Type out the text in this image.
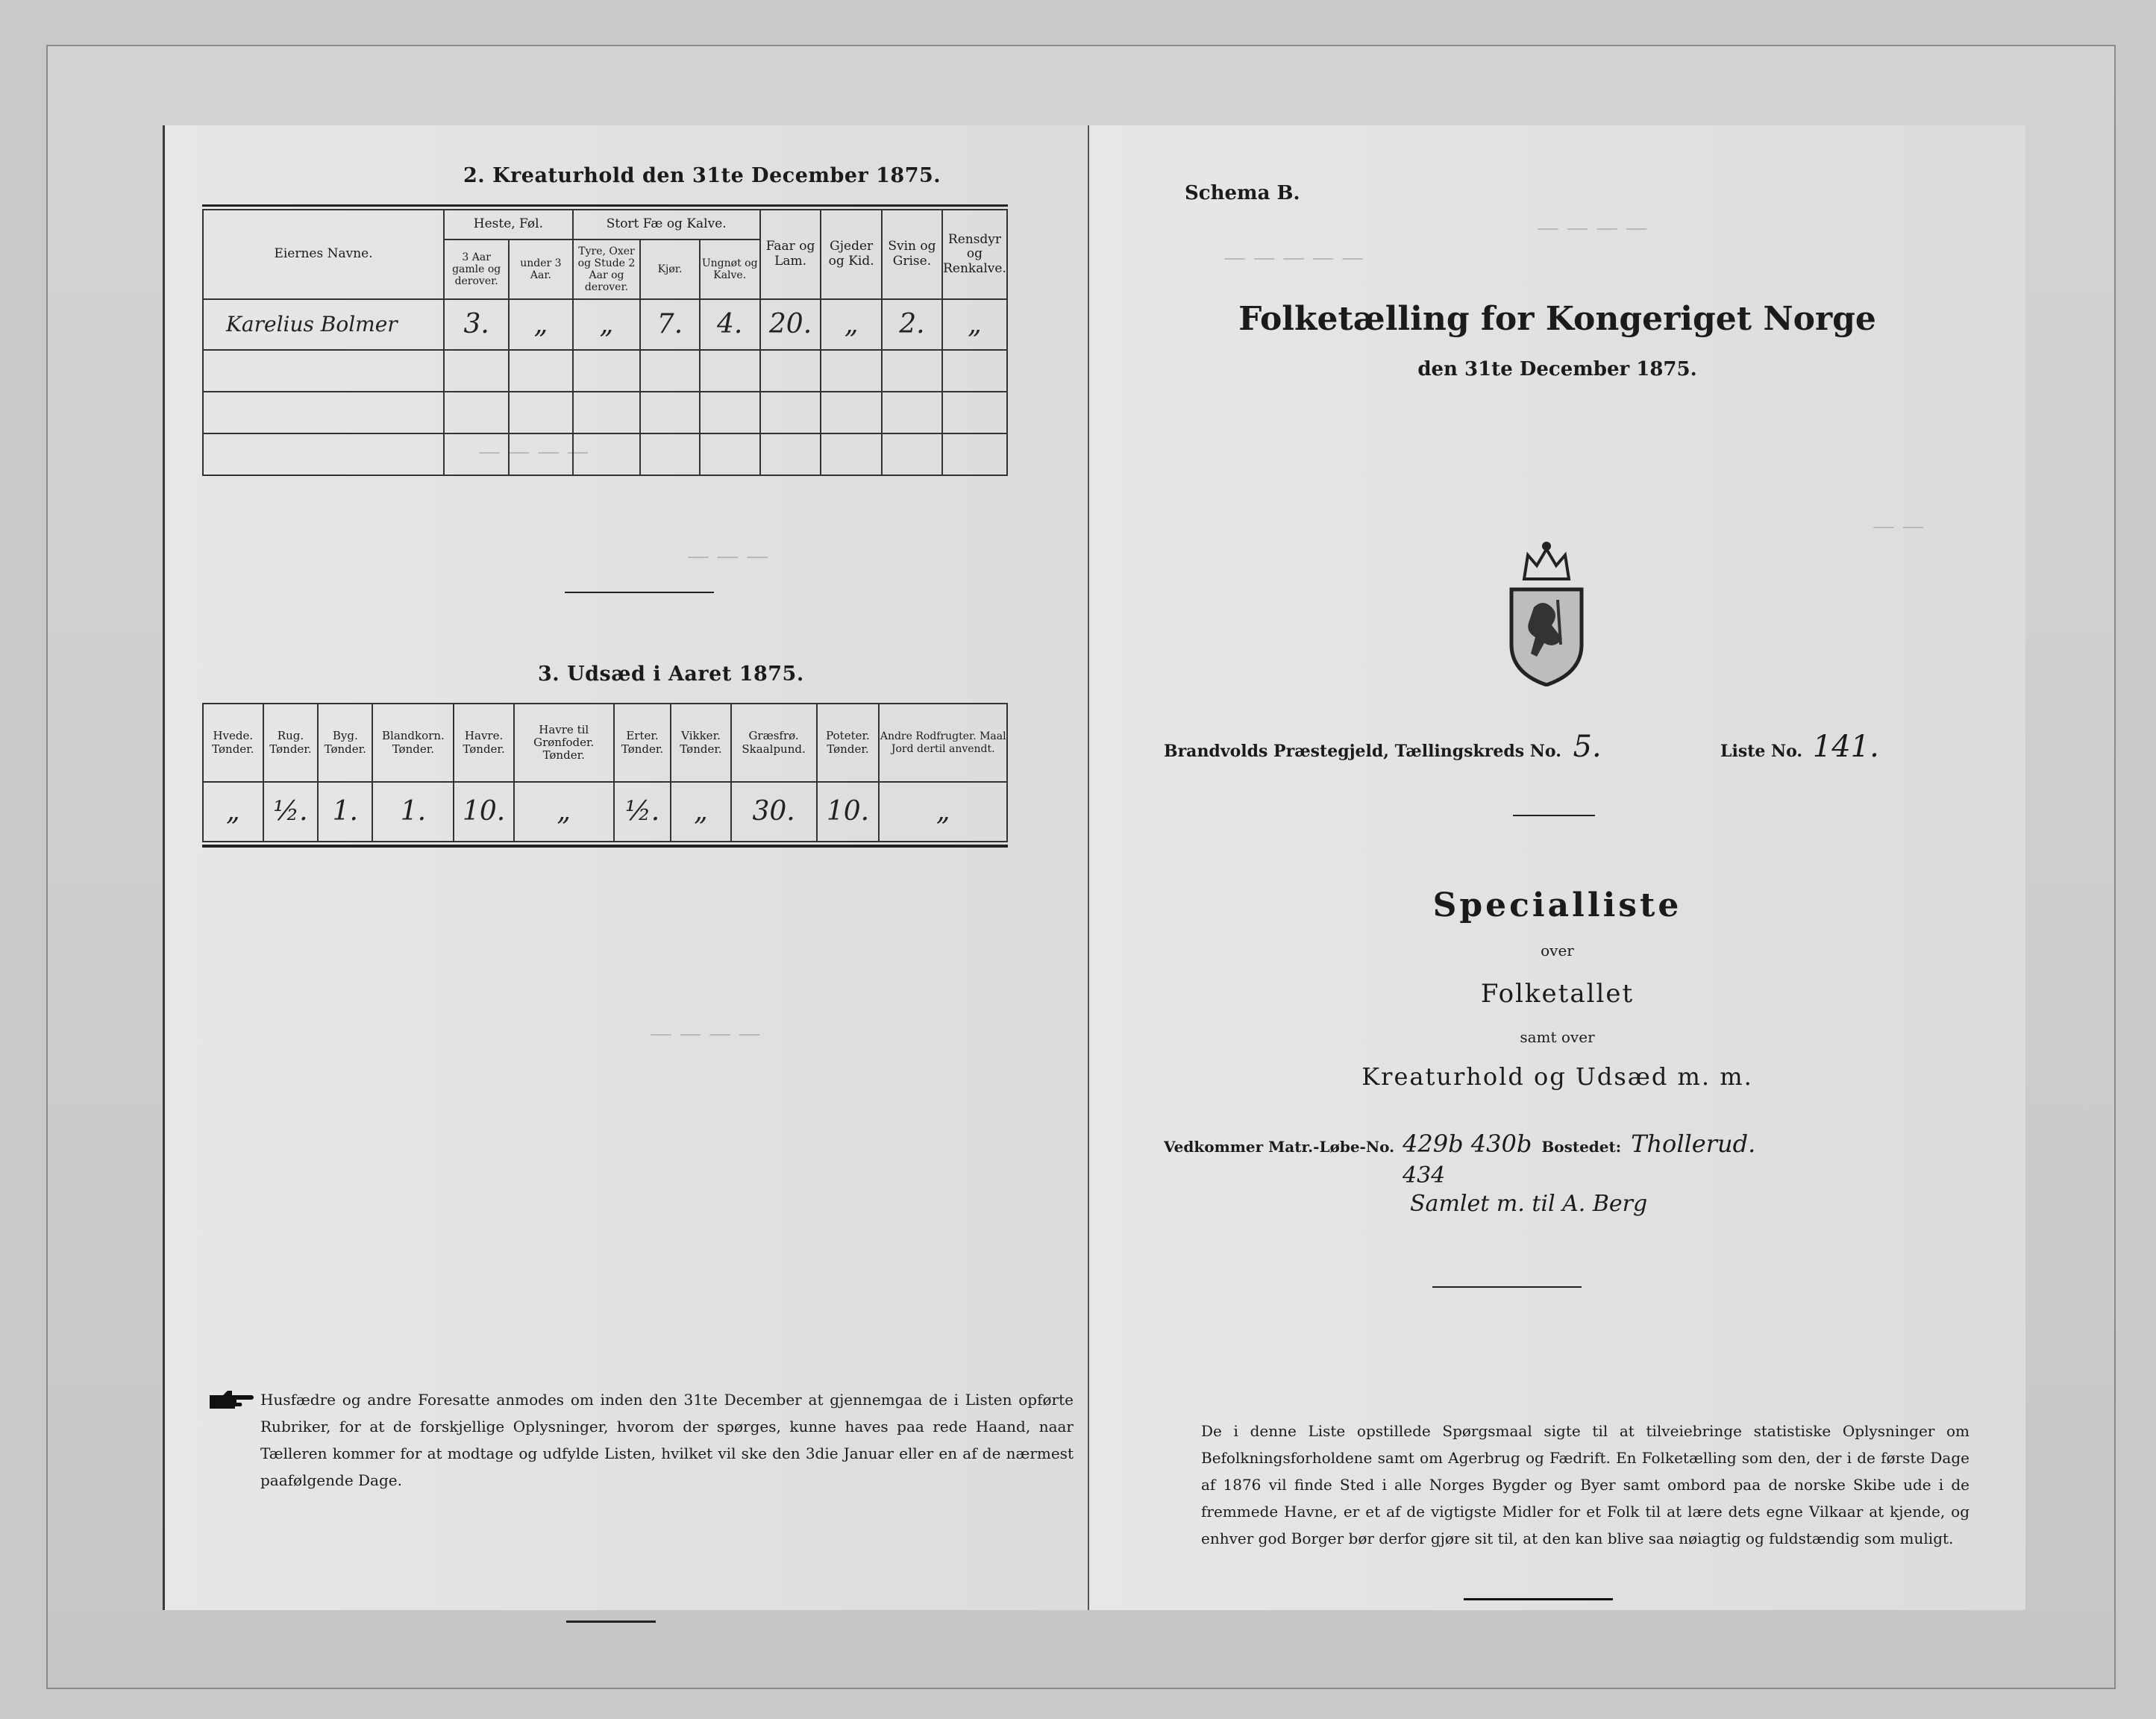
— — — —
— — —
— — — —
2. Kreaturhold den 31te December 1875.
Eiernes Navne.	Heste, Føl.		Stort Fæ og Kalve.			Faar og Lam.	Gjeder og Kid.	Svin og Grise.	Rensdyr og Renkalve.
	3 Aar gamle og derover.	under 3 Aar.	Tyre, Oxer og Stude 2 Aar og derover.	Kjør.	Ungnøt og Kalve.				
Karelius Bolmer	3.	„	„	7.	4.	20.	„	2.	„

3. Udsæd i Aaret 1875.
Hvede. Tønder.	Rug. Tønder.	Byg. Tønder.	Blandkorn. Tønder.	Havre. Tønder.	Havre til Grønfoder. Tønder.	Erter. Tønder.	Vikker. Tønder.	Græsfrø. Skaalpund.	Poteter. Tønder.	Andre Rodfrugter. Maal Jord dertil anvendt.
„	½.	1.	1.	10.	„	½.	„	30.	10.	„
Husfædre og andre Foresatte anmodes om inden den 31te December at gjennemgaa de i Listen opførte Rubriker, for at de forskjellige Oplysninger, hvorom der spørges, kunne haves paa rede Haand, naar Tælleren kommer for at modtage og udfylde Listen, hvilket vil ske den 3die Januar eller en af de nærmest paafølgende Dage.
— — — — —
— — — —
— —
Schema B.
Folketælling for Kongeriget Norge
den 31te December 1875.
Brandvolds Præstegjeld, Tællingskreds No. 5.	Liste No. 141.
Specialliste
over
Folketallet
samt over
Kreaturhold og Udsæd m. m.
Vedkommer Matr.-Løbe-No. 429b 430b Bostedet: Thollerud.
434
Samlet m. til A. Berg
De i denne Liste opstillede Spørgsmaal sigte til at tilveiebringe statistiske Oplysninger om Befolkningsforholdene samt om Agerbrug og Fædrift. En Folketælling som den, der i de første Dage af 1876 vil finde Sted i alle Norges Bygder og Byer samt ombord paa de norske Skibe ude i de fremmede Havne, er et af de vigtigste Midler for et Folk til at lære dets egne Vilkaar at kjende, og enhver god Borger bør derfor gjøre sit til, at den kan blive saa nøiagtig og fuldstændig som muligt.
